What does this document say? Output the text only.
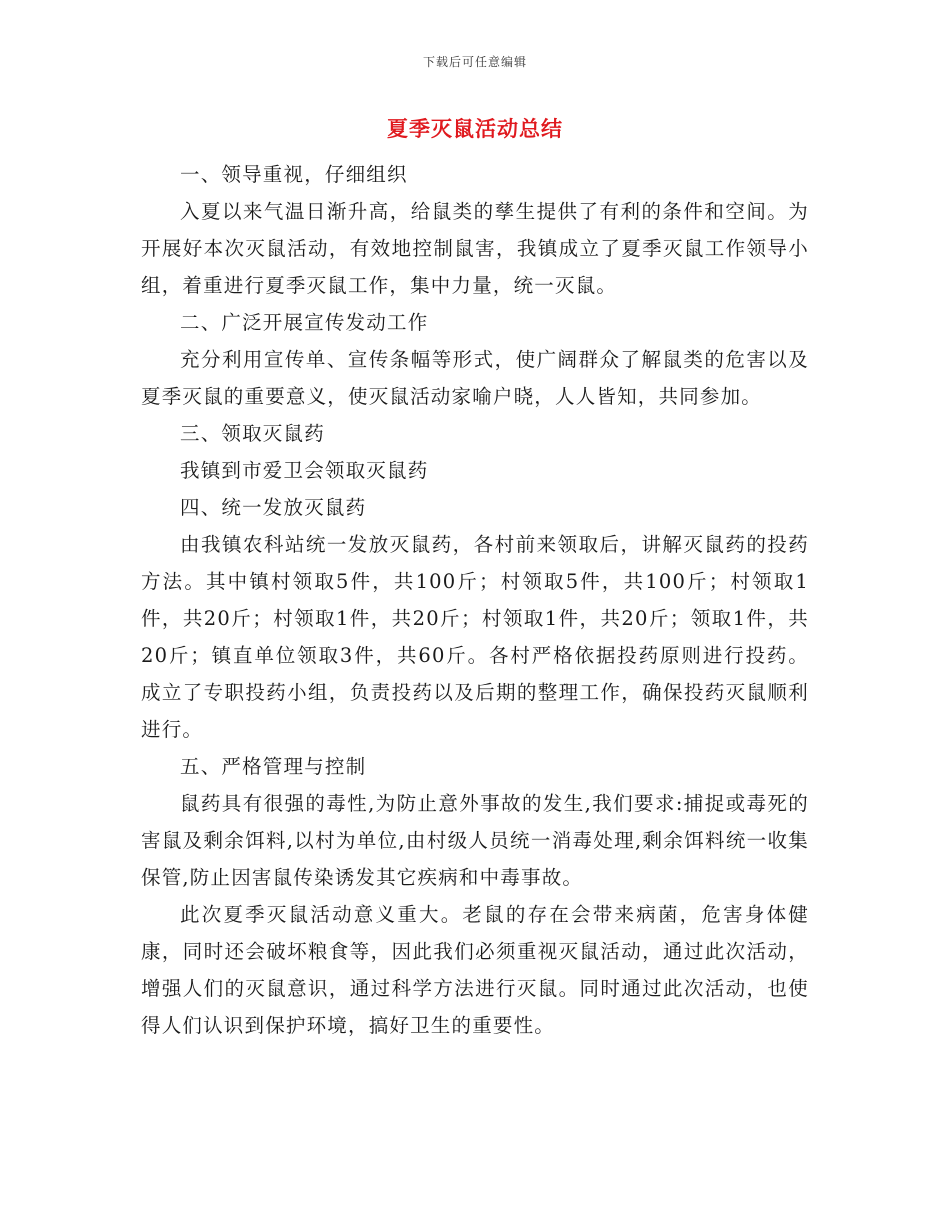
下载后可任意编辑
夏季灭鼠活动总结

一、领导重视，仔细组织

入夏以来气温日渐升高，给鼠类的孳生提供了有利的条件和空间。为开展好本次灭鼠活动，有效地控制鼠害，我镇成立了夏季灭鼠工作领导小组，着重进行夏季灭鼠工作，集中力量，统一灭鼠。

二、广泛开展宣传发动工作

充分利用宣传单、宣传条幅等形式，使广阔群众了解鼠类的危害以及夏季灭鼠的重要意义，使灭鼠活动家喻户晓，人人皆知，共同参加。

三、领取灭鼠药

我镇到市爱卫会领取灭鼠药

四、统一发放灭鼠药

由我镇农科站统一发放灭鼠药，各村前来领取后，讲解灭鼠药的投药方法。其中镇村领取5件，共100斤；村领取5件，共100斤；村领取1件，共20斤；村领取1件，共20斤；村领取1件，共20斤；领取1件，共20斤；镇直单位领取3件，共60斤。各村严格依据投药原则进行投药。成立了专职投药小组，负责投药以及后期的整理工作，确保投药灭鼠顺利进行。

五、严格管理与控制

鼠药具有很强的毒性,为防止意外事故的发生,我们要求:捕捉或毒死的害鼠及剩余饵料,以村为单位,由村级人员统一消毒处理,剩余饵料统一收集保管,防止因害鼠传染诱发其它疾病和中毒事故。

此次夏季灭鼠活动意义重大。老鼠的存在会带来病菌，危害身体健康，同时还会破坏粮食等，因此我们必须重视灭鼠活动，通过此次活动，增强人们的灭鼠意识，通过科学方法进行灭鼠。同时通过此次活动，也使得人们认识到保护环境，搞好卫生的重要性。
